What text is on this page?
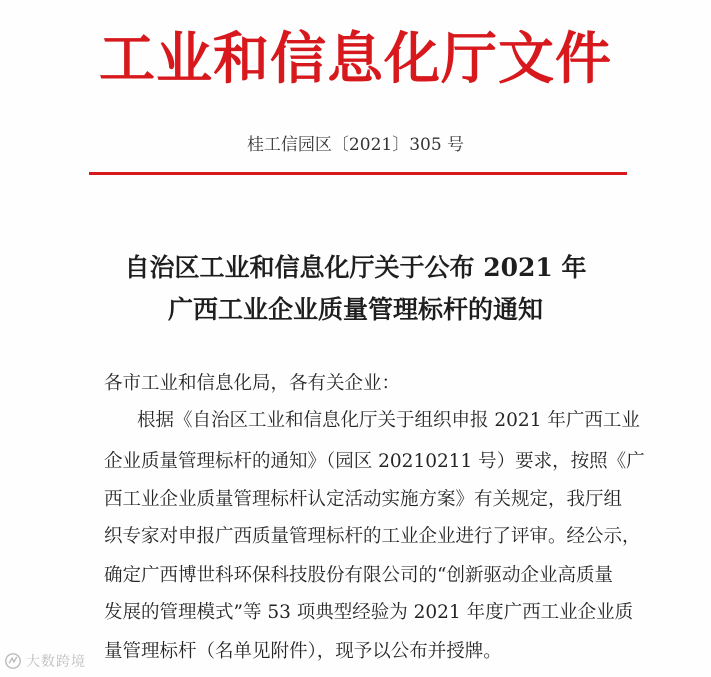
工业和信息化厅文件
桂工信园区〔2021〕305 号
自治区工业和信息化厅关于公布 2021 年
广西工业企业质量管理标杆的通知
各市工业和信息化局，各有关企业：
根据《自治区工业和信息化厅关于组织申报 2021 年广西工业
企业质量管理标杆的通知》（园区 20210211 号）要求，按照《广
西工业企业质量管理标杆认定活动实施方案》有关规定，我厅组
织专家对申报广西质量管理标杆的工业企业进行了评审。经公示，
确定广西博世科环保科技股份有限公司的“创新驱动企业高质量
发展的管理模式”等 53 项典型经验为 2021 年度广西工业企业质
量管理标杆（名单见附件），现予以公布并授牌。
大数跨境
